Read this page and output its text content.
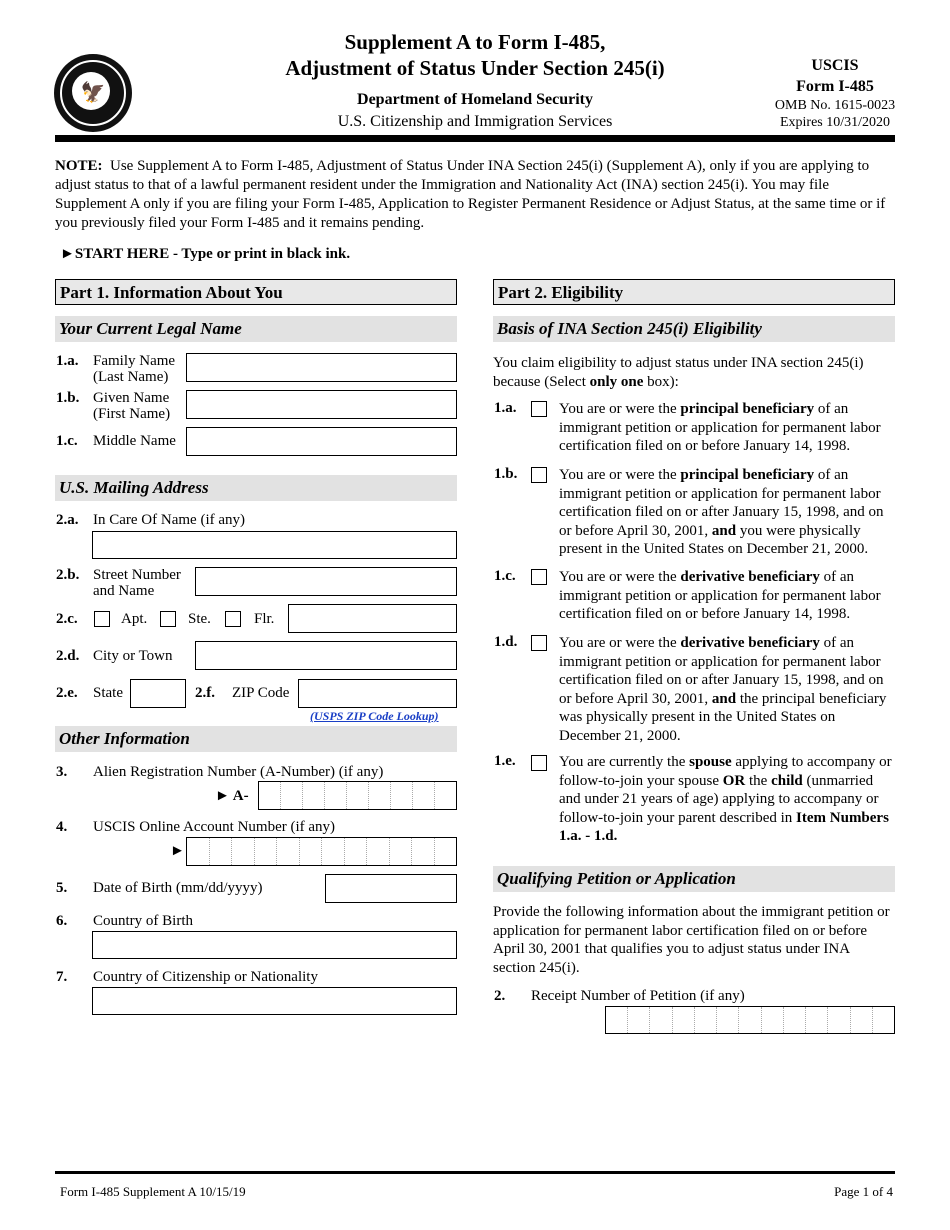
🦅
Supplement A to Form I-485,
Adjustment of Status Under Section 245(i)
Department of Homeland Security
U.S. Citizenship and Immigration Services
USCIS
Form I-485
OMB No. 1615-0023
Expires 10/31/2020
NOTE: Use Supplement A to Form I-485, Adjustment of Status Under INA Section 245(i) (Supplement A), only if you are applying to adjust status to that of a lawful permanent resident under the Immigration and Nationality Act (INA) section 245(i). You may file Supplement A only if you are filing your Form I-485, Application to Register Permanent Residence or Adjust Status, at the same time or if you previously filed your Form I-485 and it remains pending.
►START HERE - Type or print in black ink.
Part 1. Information About You
Your Current Legal Name
1.a. Family Name
(Last Name)
1.b. Given Name
(First Name)
1.c. Middle Name
U.S. Mailing Address
2.a. In Care Of Name (if any)
2.b. Street Number
and Name
2.c.	Apt.	Ste.	Flr.
2.d. City or Town
2.e. State	2.f. ZIP Code
(USPS ZIP Code Lookup)
Other Information
3. Alien Registration Number (A-Number) (if any)
► A-
4. USCIS Online Account Number (if any)
►
5. Date of Birth (mm/dd/yyyy)
6. Country of Birth
7. Country of Citizenship or Nationality
Part 2. Eligibility
Basis of INA Section 245(i) Eligibility
You claim eligibility to adjust status under INA section 245(i) because (Select only one box):
1.a.	You are or were the principal beneficiary of an immigrant petition or application for permanent labor certification filed on or before January 14, 1998.
1.b.	You are or were the principal beneficiary of an immigrant petition or application for permanent labor certification filed on or after January 15, 1998, and on or before April 30, 2001, and you were physically present in the United States on December 21, 2000.
1.c.	You are or were the derivative beneficiary of an immigrant petition or application for permanent labor certification filed on or before January 14, 1998.
1.d.	You are or were the derivative beneficiary of an immigrant petition or application for permanent labor certification filed on or after January 15, 1998, and on or before April 30, 2001, and the principal beneficiary was physically present in the United States on December 21, 2000.
1.e.	You are currently the spouse applying to accompany or follow-to-join your spouse OR the child (unmarried and under 21 years of age) applying to accompany or follow-to-join your parent described in Item Numbers 1.a. - 1.d.
Qualifying Petition or Application
Provide the following information about the immigrant petition or application for permanent labor certification filed on or before April 30, 2001 that qualifies you to adjust status under INA section 245(i).
2. Receipt Number of Petition (if any)
Form I-485 Supplement A 10/15/19	Page 1 of 4
